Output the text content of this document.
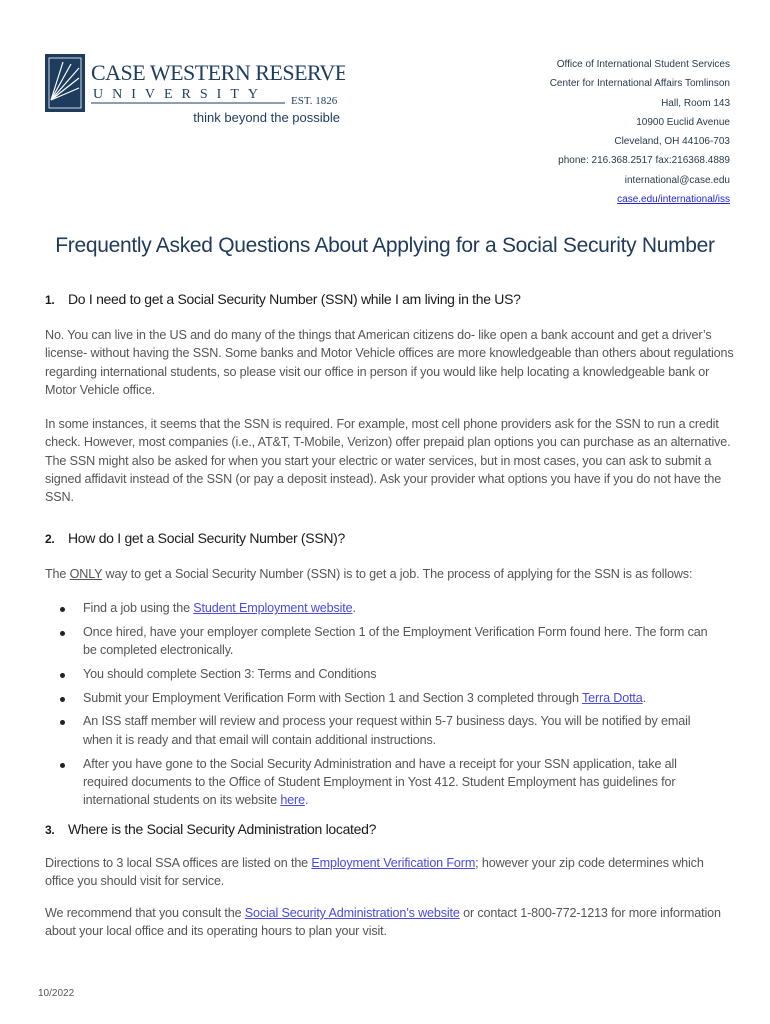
CASE WESTERN RESERVE
UNIVERSITY EST. 1826
think beyond the possible
Office of International Student Services
Center for International Affairs Tomlinson
Hall, Room 143
10900 Euclid Avenue
Cleveland, OH 44106-703
phone: 216.368.2517 fax:216368.4889
international@case.edu
case.edu/international/iss
Frequently Asked Questions About Applying for a Social Security Number
1. Do I need to get a Social Security Number (SSN) while I am living in the US?
No. You can live in the US and do many of the things that American citizens do- like open a bank account and get a driver’s license- without having the SSN. Some banks and Motor Vehicle offices are more knowledgeable than others about regulations regarding international students, so please visit our office in person if you would like help locating a knowledgeable bank or Motor Vehicle office.
In some instances, it seems that the SSN is required. For example, most cell phone providers ask for the SSN to run a credit check. However, most companies (i.e., AT&T, T-Mobile, Verizon) offer prepaid plan options you can purchase as an alternative. The SSN might also be asked for when you start your electric or water services, but in most cases, you can ask to submit a signed affidavit instead of the SSN (or pay a deposit instead). Ask your provider what options you have if you do not have the SSN.
2. How do I get a Social Security Number (SSN)?
The ONLY way to get a Social Security Number (SSN) is to get a job. The process of applying for the SSN is as follows:
Find a job using the Student Employment website.
Once hired, have your employer complete Section 1 of the Employment Verification Form found here. The form can be completed electronically.
You should complete Section 3: Terms and Conditions
Submit your Employment Verification Form with Section 1 and Section 3 completed through Terra Dotta.
An ISS staff member will review and process your request within 5-7 business days. You will be notified by email when it is ready and that email will contain additional instructions.
After you have gone to the Social Security Administration and have a receipt for your SSN application, take all required documents to the Office of Student Employment in Yost 412. Student Employment has guidelines for international students on its website here.
3. Where is the Social Security Administration located?
Directions to 3 local SSA offices are listed on the Employment Verification Form; however your zip code determines which office you should visit for service.
We recommend that you consult the Social Security Administration’s website or contact 1-800-772-1213 for more information about your local office and its operating hours to plan your visit.
10/2022
